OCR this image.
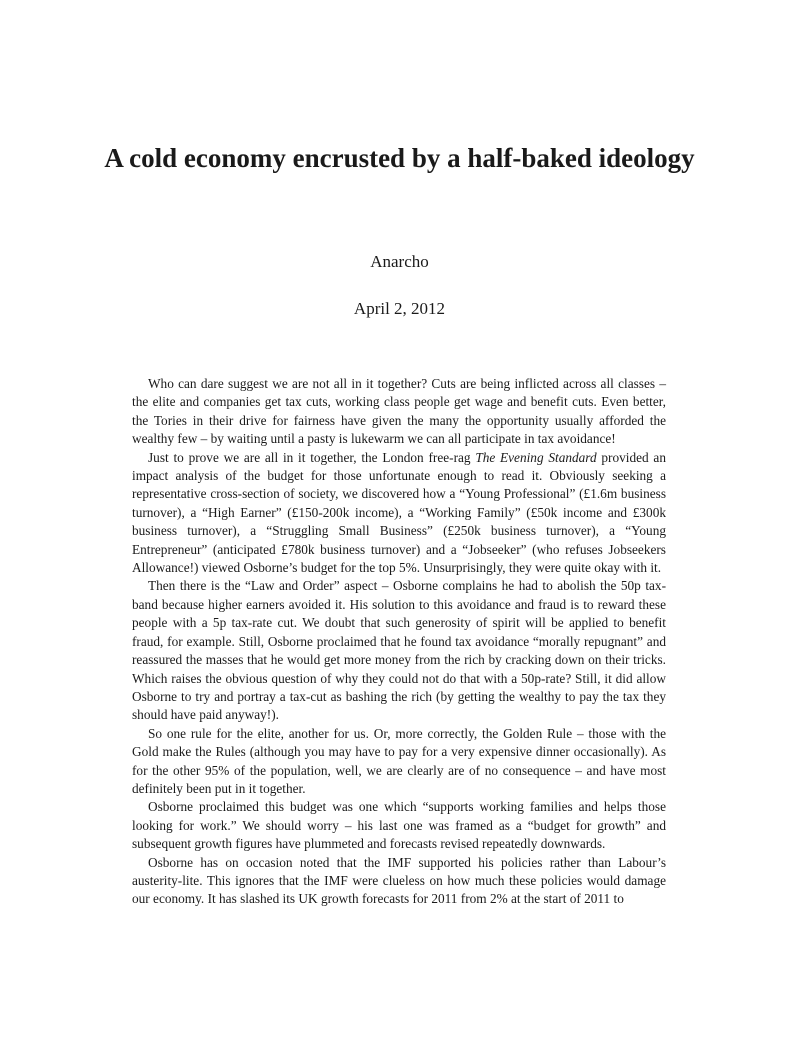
A cold economy encrusted by a half-baked ideology
Anarcho
April 2, 2012

Who can dare suggest we are not all in it together? Cuts are being inflicted across all classes – the elite and companies get tax cuts, working class people get wage and benefit cuts. Even better, the Tories in their drive for fairness have given the many the opportunity usually afforded the wealthy few – by waiting until a pasty is lukewarm we can all participate in tax avoidance!

Just to prove we are all in it together, the London free-rag The Evening Standard provided an impact analysis of the budget for those unfortunate enough to read it. Obviously seeking a representative cross-section of society, we discovered how a “Young Professional” (£1.6m business turnover), a “High Earner” (£150-200k income), a “Working Family” (£50k income and £300k business turnover), a “Struggling Small Business” (£250k business turnover), a “Young Entrepreneur” (anticipated £780k business turnover) and a “Jobseeker” (who refuses Jobseekers Allowance!) viewed Osborne’s budget for the top 5%. Unsurprisingly, they were quite okay with it.

Then there is the “Law and Order” aspect – Osborne complains he had to abolish the 50p tax-band because higher earners avoided it. His solution to this avoidance and fraud is to reward these people with a 5p tax-rate cut. We doubt that such generosity of spirit will be applied to benefit fraud, for example. Still, Osborne proclaimed that he found tax avoidance “morally repugnant” and reassured the masses that he would get more money from the rich by cracking down on their tricks. Which raises the obvious question of why they could not do that with a 50p-rate? Still, it did allow Osborne to try and portray a tax-cut as bashing the rich (by getting the wealthy to pay the tax they should have paid anyway!).

So one rule for the elite, another for us. Or, more correctly, the Golden Rule – those with the Gold make the Rules (although you may have to pay for a very expensive dinner occasionally). As for the other 95% of the population, well, we are clearly are of no consequence – and have most definitely been put in it together.

Osborne proclaimed this budget was one which “supports working families and helps those looking for work.” We should worry – his last one was framed as a “budget for growth” and subsequent growth figures have plummeted and forecasts revised repeatedly downwards.

Osborne has on occasion noted that the IMF supported his policies rather than Labour’s austerity-lite. This ignores that the IMF were clueless on how much these policies would damage our economy. It has slashed its UK growth forecasts for 2011 from 2% at the start of 2011 to
